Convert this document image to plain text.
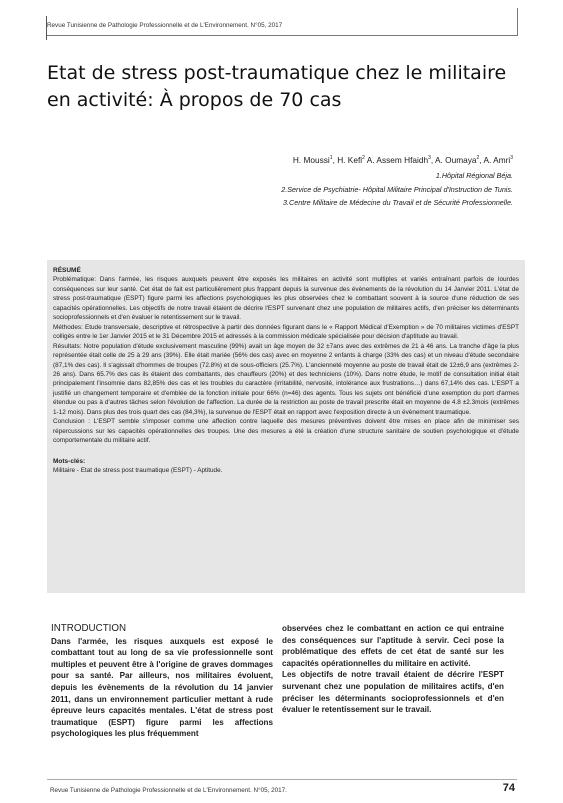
Revue Tunisienne de Pathologie Professionnelle et de L'Environnement. N°05, 2017
Etat de stress post-traumatique chez le militaire en activité: À propos de 70 cas
H. Moussi$^1$, H. Kefi$^2$ A. Assem Hfaidh$^3$, A. Oumaya$^2$, A. Amri$^3$
1.Hôpital Régional Béja.
2.Service de Psychiatrie- Hôpital Militaire Principal d'Instruction de Tunis.
3.Centre Militaire de Médecine du Travail et de Sécurité Professionnelle.

RÉSUMÉ

Problématique: Dans l'armée, les risques auxquels peuvent être exposés les militaires en activité sont multiples et variés entraînant parfois de lourdes conséquences sur leur santé. Cet état de fait est particulièrement plus frappant depuis la survenue des évènements de la révolution du 14 Janvier 2011. L'état de stress post-traumatique (ESPT) figure parmi les affections psychologiques les plus observées chez le combattant souvent à la source d'une réduction de ses capacités opérationnelles. Les objectifs de notre travail étaient de décrire l'ESPT survenant chez une population de militaires actifs, d'en préciser les déterminants socioprofessionnels et d'en évaluer le retentissement sur le travail.

Méthodes: Etude transversale, descriptive et rétrospective à partir des données figurant dans le « Rapport Médical d'Exemption » de 70 militaires victimes d'ESPT colligés entre le 1er Janvier 2015 et le 31 Décembre 2015 et adressés à la commission médicale spécialisée pour décision d'aptitude au travail.

Résultats: Notre population d'étude exclusivement masculine (99%) avait un âge moyen de 32 ±7ans avec des extrêmes de 21 à 46 ans. La tranche d'âge la plus représentée était celle de 25 à 29 ans (39%). Elle était mariée (56% des cas) avec en moyenne 2 enfants à charge (33% des cas) et un niveau d'étude secondaire (87,1% des cas). Il s'agissait d'hommes de troupes (72.8%) et de sous-officiers (25.7%). L'ancienneté moyenne au poste de travail était de 12±6,9 ans (extrêmes 2-26 ans). Dans 65.7% des cas ils étaient des combattants, des chauffeurs (20%) et des techniciens (10%). Dans notre étude, le motif de consultation initial était principalement l'insomnie dans 82,85% des cas et les troubles du caractère (irritabilité, nervosité, intolérance aux frustrations…) dans 67,14% des cas. L'ESPT a justifié un changement temporaire et d'emblée de la fonction initiale pour 66% (n=46) des agents. Tous les sujets ont bénéficié d'une exemption du port d'armes étendue ou pas à d'autres tâches selon l'évolution de l'affection. La durée de la restriction au poste de travail prescrite était en moyenne de 4.8 ±2.3mois (extrêmes 1-12 mois). Dans plus des trois quart des cas (84,3%), la survenue de l'ESPT était en rapport avec l'exposition directe à un évènement traumatique.

Conclusion : L'ESPT semble s'imposer comme une affection contre laquelle des mesures préventives doivent être mises en place afin de minimiser ses répercussions sur les capacités opérationnelles des troupes. Une des mesures a été la création d'une structure sanitaire de soutien psychologique et d'étude comportementale du militaire actif.

Mots-clés:

Militaire - Etat de stress post traumatique (ESPT) - Aptitude.

INTRODUCTION

Dans l'armée, les risques auxquels est exposé le combattant tout au long de sa vie professionnelle sont multiples et peuvent être à l'origine de graves dommages pour sa santé. Par ailleurs, nos militaires évoluent, depuis les évènements de la révolution du 14 janvier 2011, dans un environnement particulier mettant à rude épreuve leurs capacités mentales. L'état de stress post traumatique (ESPT) figure parmi les affections psychologiques les plus fréquemment

observées chez le combattant en action ce qui entraine des conséquences sur l'aptitude à servir. Ceci pose la problématique des effets de cet état de santé sur les capacités opérationnelles du militaire en activité.

Les objectifs de notre travail étaient de décrire l'ESPT survenant chez une population de militaires actifs, d'en préciser les déterminants socioprofessionnels et d'en évaluer le retentissement sur le travail.

Revue Tunisienne de Pathologie Professionnelle et de L'Environnement. N°05, 2017.	74
